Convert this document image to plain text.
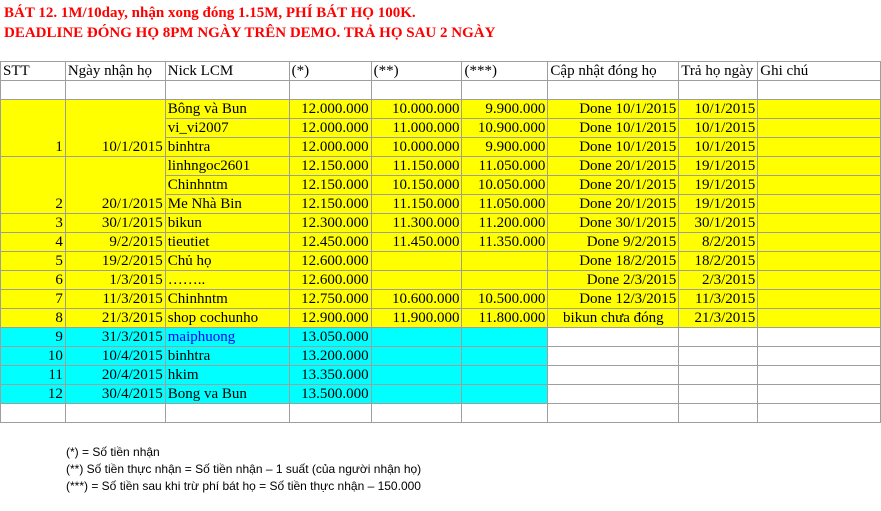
BÁT 12. 1M/10day, nhận xong đóng 1.15M, PHÍ BÁT HỌ 100K.
DEADLINE ĐÓNG HỌ 8PM NGÀY TRÊN DEMO. TRẢ HỌ SAU 2 NGÀY
STT	Ngày nhận họ	Nick LCM	(*)	(**)	(***)	Cập nhật đóng họ	Trả họ ngày	Ghi chú

1	10/1/2015	Bông và Bun	12.000.000	10.000.000	9.900.000	Done 10/1/2015	10/1/2015	
		vi_vi2007	12.000.000	11.000.000	10.900.000	Done 10/1/2015	10/1/2015	
		binhtra	12.000.000	10.000.000	9.900.000	Done 10/1/2015	10/1/2015	
2	20/1/2015	linhngoc2601	12.150.000	11.150.000	11.050.000	Done 20/1/2015	19/1/2015	
		Chinhntm	12.150.000	10.150.000	10.050.000	Done 20/1/2015	19/1/2015	
		Me Nhà Bin	12.150.000	11.150.000	11.050.000	Done 20/1/2015	19/1/2015	
3	30/1/2015	bikun	12.300.000	11.300.000	11.200.000	Done 30/1/2015	30/1/2015	
4	9/2/2015	tieutiet	12.450.000	11.450.000	11.350.000	Done 9/2/2015	8/2/2015	
5	19/2/2015	Chủ họ	12.600.000			Done 18/2/2015	18/2/2015	
6	1/3/2015	……..	12.600.000			Done 2/3/2015	2/3/2015	
7	11/3/2015	Chinhntm	12.750.000	10.600.000	10.500.000	Done 12/3/2015	11/3/2015	
8	21/3/2015	shop cochunho	12.900.000	11.900.000	11.800.000	bikun chưa đóng	21/3/2015	
9	31/3/2015	maiphuong	13.050.000					
10	10/4/2015	binhtra	13.200.000					
11	20/4/2015	hkim	13.350.000					
12	30/4/2015	Bong va Bun	13.500.000					

(*) = Số tiền nhận
(**) Số tiền thực nhận = Số tiền nhận – 1 suất (của người nhận họ)
(***) = Số tiền sau khi trừ phí bát họ = Số tiền thực nhận – 150.000
